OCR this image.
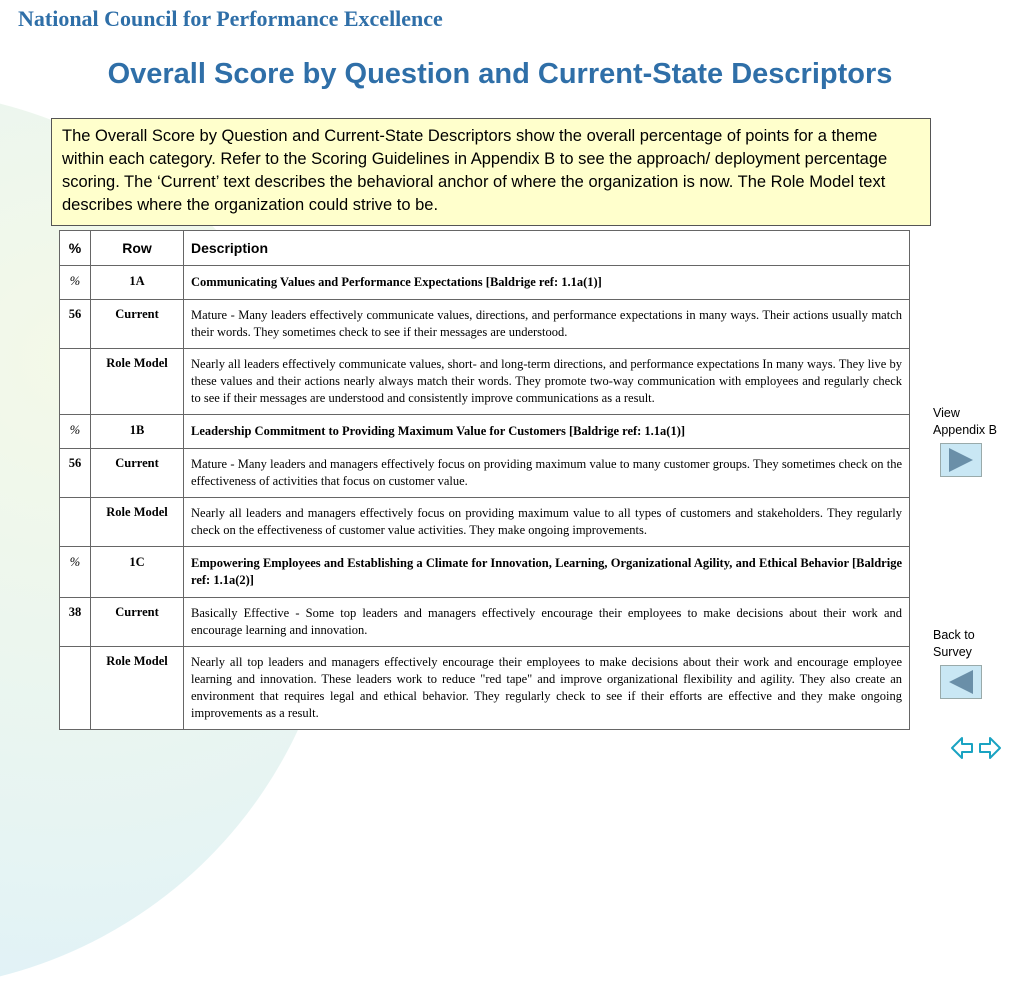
National Council for Performance Excellence
Overall Score by Question and Current-State Descriptors
The Overall Score by Question and Current-State Descriptors show the overall percentage of points for a theme within each category. Refer to the Scoring Guidelines in Appendix B to see the approach/ deployment percentage scoring. The ‘Current’ text describes the behavioral anchor of where the organization is now. The Role Model text describes where the organization could strive to be.
%	Row	Description
%	1A	Communicating Values and Performance Expectations [Baldrige ref: 1.1a(1)]
56	Current	Mature - Many leaders effectively communicate values, directions, and performance expectations in many ways. Their actions usually match their words. They sometimes check to see if their messages are understood.
	Role Model	Nearly all leaders effectively communicate values, short- and long-term directions, and performance expectations In many ways. They live by these values and their actions nearly always match their words. They promote two-way communication with employees and regularly check to see if their messages are understood and consistently improve communications as a result.
%	1B	Leadership Commitment to Providing Maximum Value for Customers [Baldrige ref: 1.1a(1)]
56	Current	Mature - Many leaders and managers effectively focus on providing maximum value to many customer groups. They sometimes check on the effectiveness of activities that focus on customer value.
	Role Model	Nearly all leaders and managers effectively focus on providing maximum value to all types of customers and stakeholders. They regularly check on the effectiveness of customer value activities. They make ongoing improvements.
%	1C	Empowering Employees and Establishing a Climate for Innovation, Learning, Organizational Agility, and Ethical Behavior [Baldrige ref: 1.1a(2)]
38	Current	Basically Effective - Some top leaders and managers effectively encourage their employees to make decisions about their work and encourage learning and innovation.
	Role Model	Nearly all top leaders and managers effectively encourage their employees to make decisions about their work and encourage employee learning and innovation. These leaders work to reduce "red tape" and improve organizational flexibility and agility. They also create an environment that requires legal and ethical behavior. They regularly check to see if their efforts are effective and they make ongoing improvements as a result.
View
Appendix B
Back to
Survey
